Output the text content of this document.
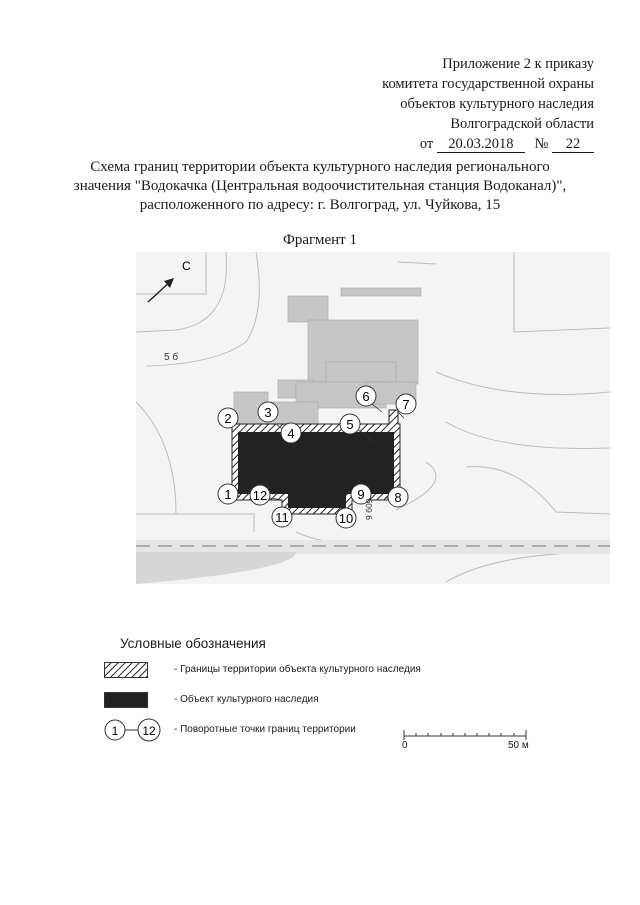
Приложение 2 к приказу
комитета государственной охраны
объектов культурного наследия
Волгоградской области
от 20.03.2018 № 22
Схема границ территории объекта культурного наследия регионального
значения "Водокачка (Центральная водоочистительная станция Водоканал)",
расположенного по адресу: г. Волгоград, ул. Чуйкова, 15
Фрагмент 1
1
2	3
4
5
6
7
8
9
10
11
12
С
5 б
9 б09
Условные обозначения
- Границы территории объекта культурного наследия
- Объект культурного наследия
1 12 - Поворотные точки границ территории
0	50 м
